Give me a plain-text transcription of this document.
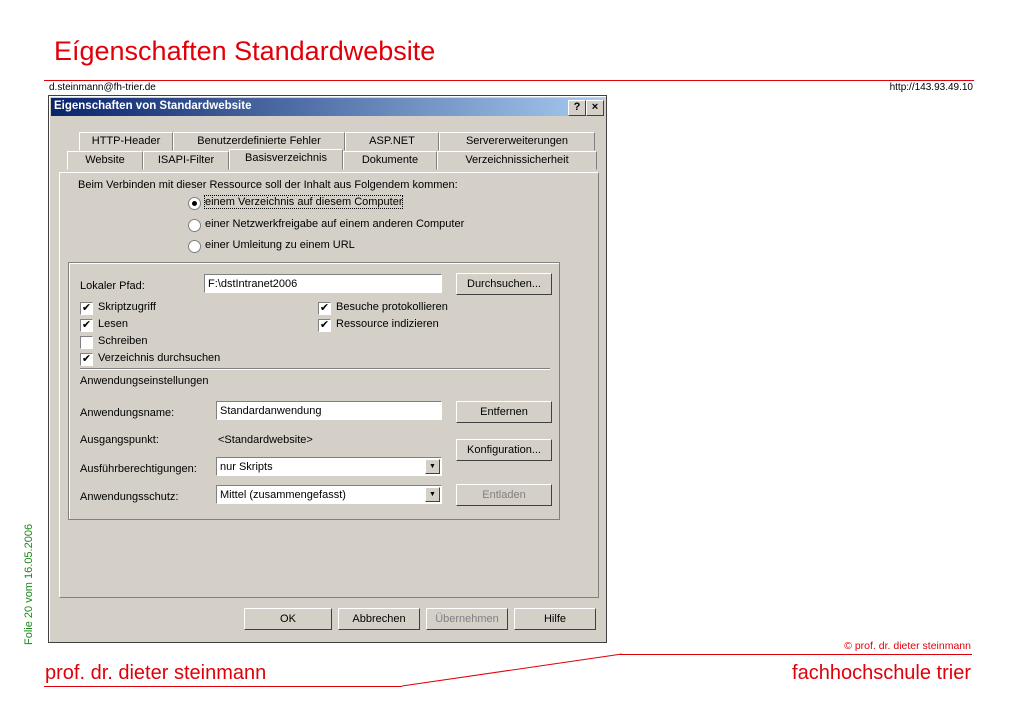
Eígenschaften Standardwebsite
d.steinmann@fh-trier.de	http://143.93.49.10
Folie 20 vom 16.05.2006
© prof. dr. dieter steinmann
prof. dr. dieter steinmann	fachhochschule trier
Eigenschaften von Standardwebsite	?	×
HTTP-Header	Benutzerdefinierte Fehler	ASP.NET	Servererweiterungen
Website	ISAPI-Filter	Basisverzeichnis	Dokumente	Verzeichnissicherheit
Beim Verbinden mit dieser Ressource soll der Inhalt aus Folgendem kommen:
einem Verzeichnis auf diesem Computer
einer Netzwerkfreigabe auf einem anderen Computer
einer Umleitung zu einem URL
Lokaler Pfad:	F:\dstIntranet2006	Durchsuchen...
✔ Skriptzugriff
✔ Lesen
Schreiben
✔ Verzeichnis durchsuchen
✔ Besuche protokollieren
✔ Ressource indizieren
Anwendungseinstellungen
Anwendungsname:	Standardanwendung	Entfernen
Ausgangspunkt:	<Standardwebsite>
Konfiguration...
Ausführberechtigungen:	nur Skripts	▼
Anwendungsschutz:	Mittel (zusammengefasst)	▼	Entladen
OK	Abbrechen	Übernehmen	Hilfe
